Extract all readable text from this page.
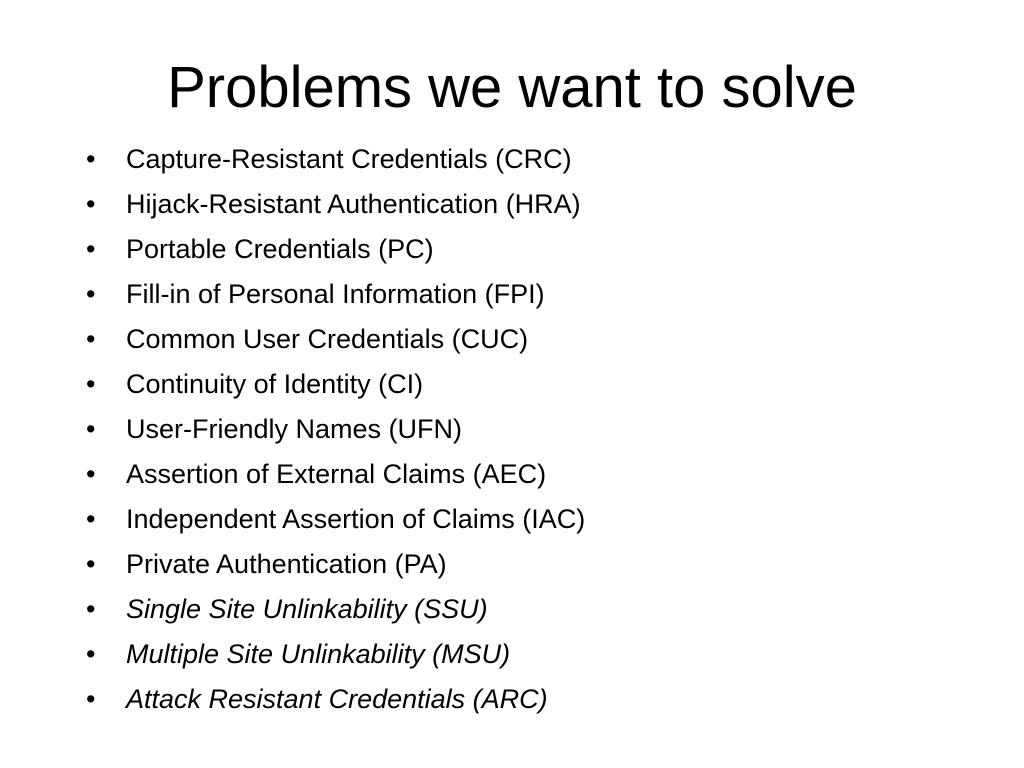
Problems we want to solve
•	Capture-Resistant Credentials (CRC)
•	Hijack-Resistant Authentication (HRA)
•	Portable Credentials (PC)
•	Fill-in of Personal Information (FPI)
•	Common User Credentials (CUC)
•	Continuity of Identity (CI)
•	User-Friendly Names (UFN)
•	Assertion of External Claims (AEC)
•	Independent Assertion of Claims (IAC)
•	Private Authentication (PA)
•	Single Site Unlinkability (SSU)
•	Multiple Site Unlinkability (MSU)
•	Attack Resistant Credentials (ARC)
